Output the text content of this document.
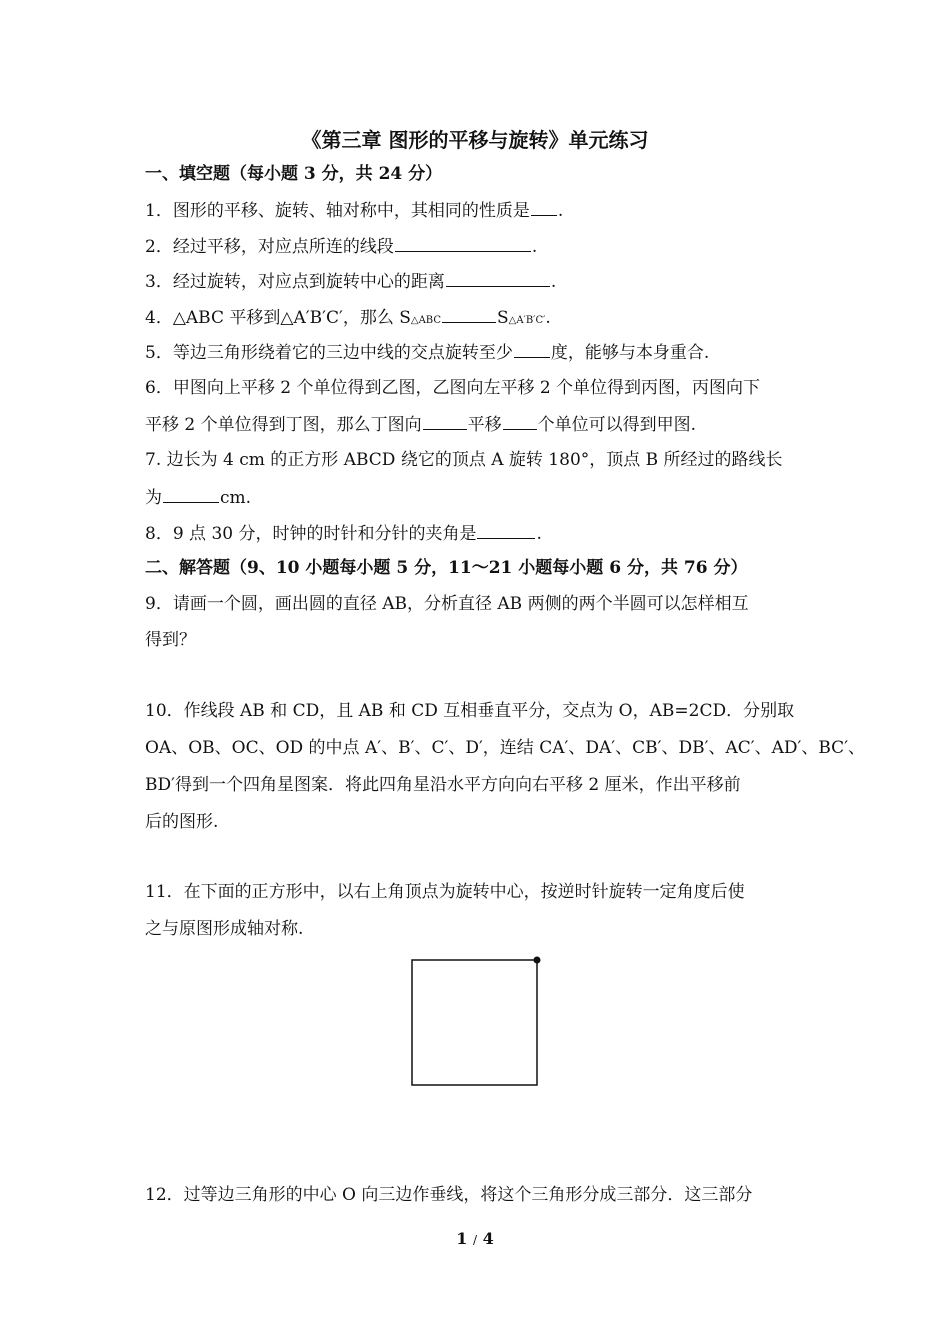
《第三章 图形的平移与旋转》单元练习
一、填空题（每小题 3 分，共 24 分）
1．图形的平移、旋转、轴对称中，其相同的性质是 .
2．经过平移，对应点所连的线段	.
3．经过旋转，对应点到旋转中心的距离	.
4．△ABC 平移到△A′B′C′，那么 S△ABC	S△A′B′C′.
5．等边三角形绕着它的三边中线的交点旋转至少 度，能够与本身重合.
6．甲图向上平移 2 个单位得到乙图，乙图向左平移 2 个单位得到丙图，丙图向下
平移 2 个单位得到丁图，那么丁图向	平移 个单位可以得到甲图.
7. 边长为 4 cm 的正方形 ABCD 绕它的顶点 A 旋转 180°，顶点 B 所经过的路线长
为	cm.
8．9 点 30 分，时钟的时针和分针的夹角是	.
二、解答题（9、10 小题每小题 5 分，11～21 小题每小题 6 分，共 76 分）
9．请画一个圆，画出圆的直径 AB，分析直径 AB 两侧的两个半圆可以怎样相互
得到？
10．作线段 AB 和 CD，且 AB 和 CD 互相垂直平分，交点为 O，AB=2CD．分别取
OA、OB、OC、OD 的中点 A′、B′、C′、D′，连结 CA′、DA′、CB′、DB′、AC′、AD′、BC′、
BD′得到一个四角星图案．将此四角星沿水平方向向右平移 2 厘米，作出平移前
后的图形.
11．在下面的正方形中，以右上角顶点为旋转中心，按逆时针旋转一定角度后使
之与原图形成轴对称.
12．过等边三角形的中心 O 向三边作垂线，将这个三角形分成三部分．这三部分
1 / 4
